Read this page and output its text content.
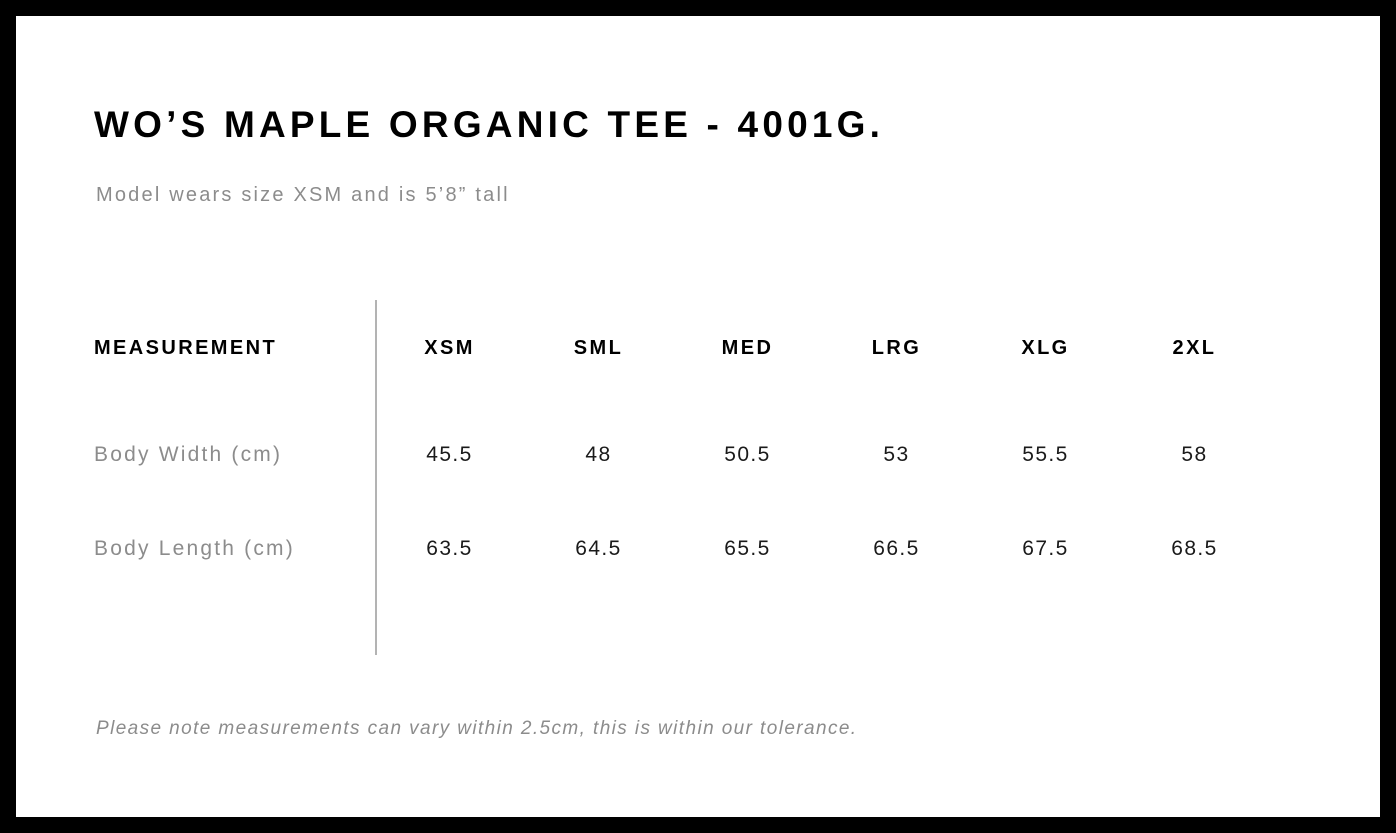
WO’S MAPLE ORGANIC TEE - 4001G.
Model wears size XSM and is 5’8” tall
MEASUREMENT	XSM	SML	MED	LRG	XLG	2XL
Body Width (cm)	45.5	48	50.5	53	55.5	58
Body Length (cm)	63.5	64.5	65.5	66.5	67.5	68.5
Please note measurements can vary within 2.5cm, this is within our tolerance.
